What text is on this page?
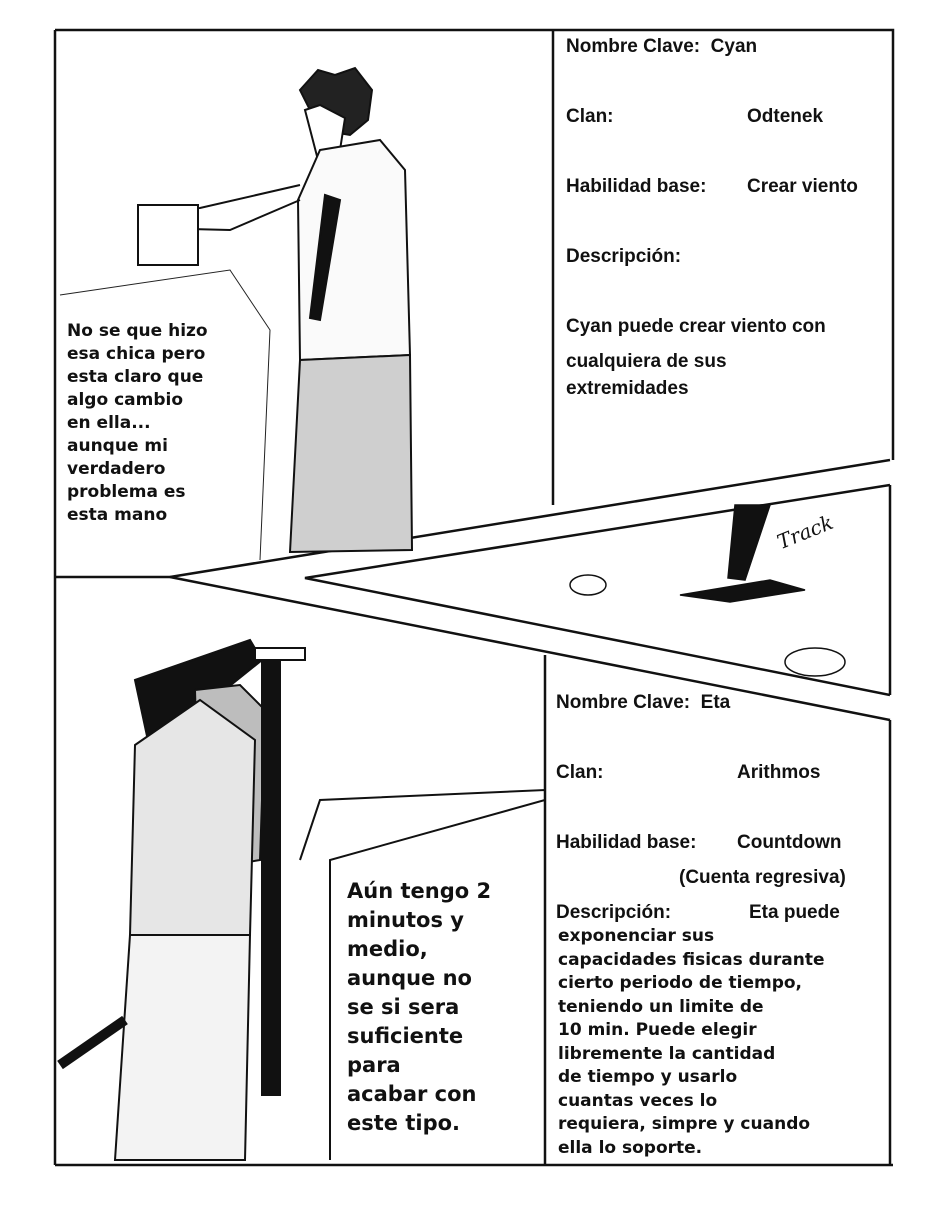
Nombre Clave: Cyan
Clan:	Odtenek
Habilidad base: Crear viento
Descripción:
Cyan puede crear viento con
cualquiera de sus
extremidades
No se que hizo
esa chica pero
esta claro que
algo cambio
en ella...
aunque mi
verdadero
problema es
esta mano	Track
Nombre Clave: Eta
Clan:	Arithmos
Habilidad base: Countdown
(Cuenta regresiva)
Descripción:	Eta puede
exponenciar sus
capacidades fisicas durante
cierto periodo de tiempo,
teniendo un limite de
10 min. Puede elegir
libremente la cantidad
de tiempo y usarlo
cuantas veces lo
requiera, simpre y cuando
ella lo soporte.
Aún tengo 2
minutos y
medio,
aunque no
se si sera
suficiente
para
acabar con
este tipo.
